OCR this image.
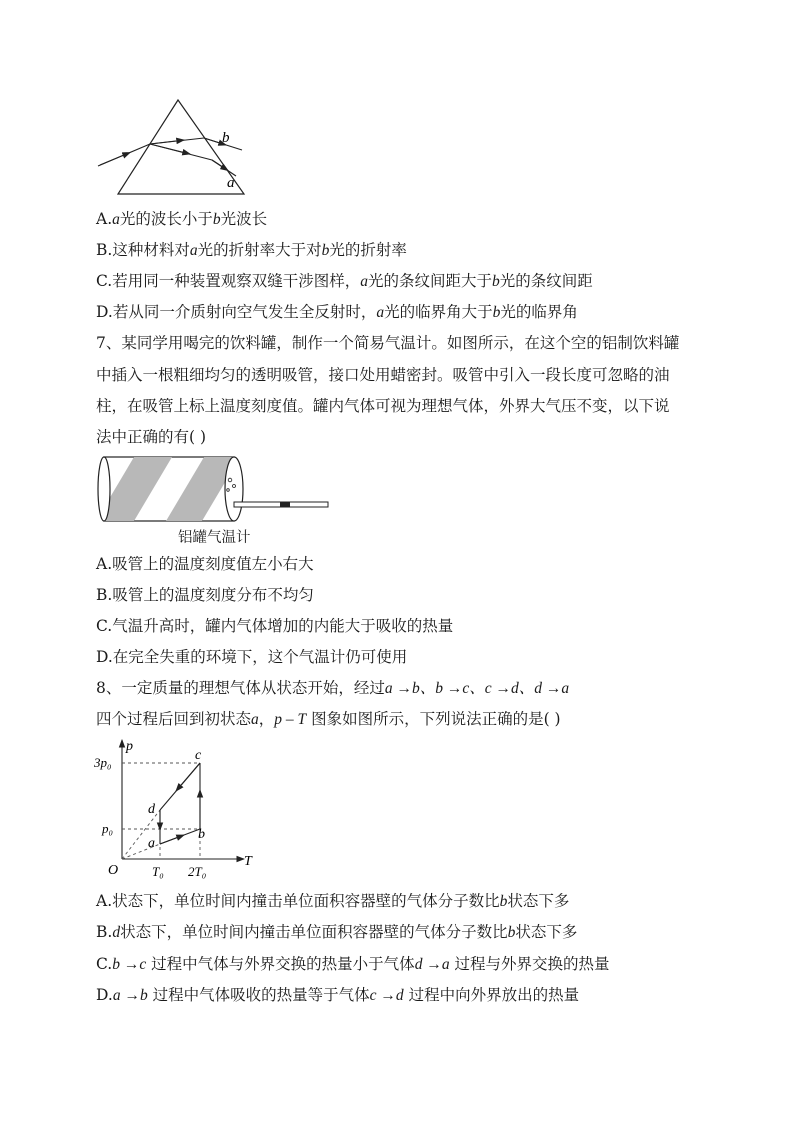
b
a
A.a光的波长小于b光波长
B.这种材料对a光的折射率大于对b光的折射率
C.若用同一种装置观察双缝干涉图样，a光的条纹间距大于b光的条纹间距
D.若从同一介质射向空气发生全反射时，a光的临界角大于b光的临界角
7、某同学用喝完的饮料罐，制作一个简易气温计。如图所示，在这个空的铝制饮料罐
中插入一根粗细均匀的透明吸管，接口处用蜡密封。吸管中引入一段长度可忽略的油
柱，在吸管上标上温度刻度值。罐内气体可视为理想气体，外界大气压不变，以下说
法中正确的有( )
铝罐气温计
A.吸管上的温度刻度值左小右大
B.吸管上的温度刻度分布不均匀
C.气温升高时，罐内气体增加的内能大于吸收的热量
D.在完全失重的环境下，这个气温计仍可使用
8、一定质量的理想气体从状态开始，经过a →b、b →c、c →d、d →a
四个过程后回到初状态a，p – T 图象如图所示，下列说法正确的是( )
p
T
O
3p₀
p₀
T₀ 2T₀
a
b
c
d
A.状态下，单位时间内撞击单位面积容器壁的气体分子数比b状态下多
B.d状态下，单位时间内撞击单位面积容器壁的气体分子数比b状态下多
C.b →c 过程中气体与外界交换的热量小于气体d →a 过程与外界交换的热量
D.a →b 过程中气体吸收的热量等于气体c →d 过程中向外界放出的热量
